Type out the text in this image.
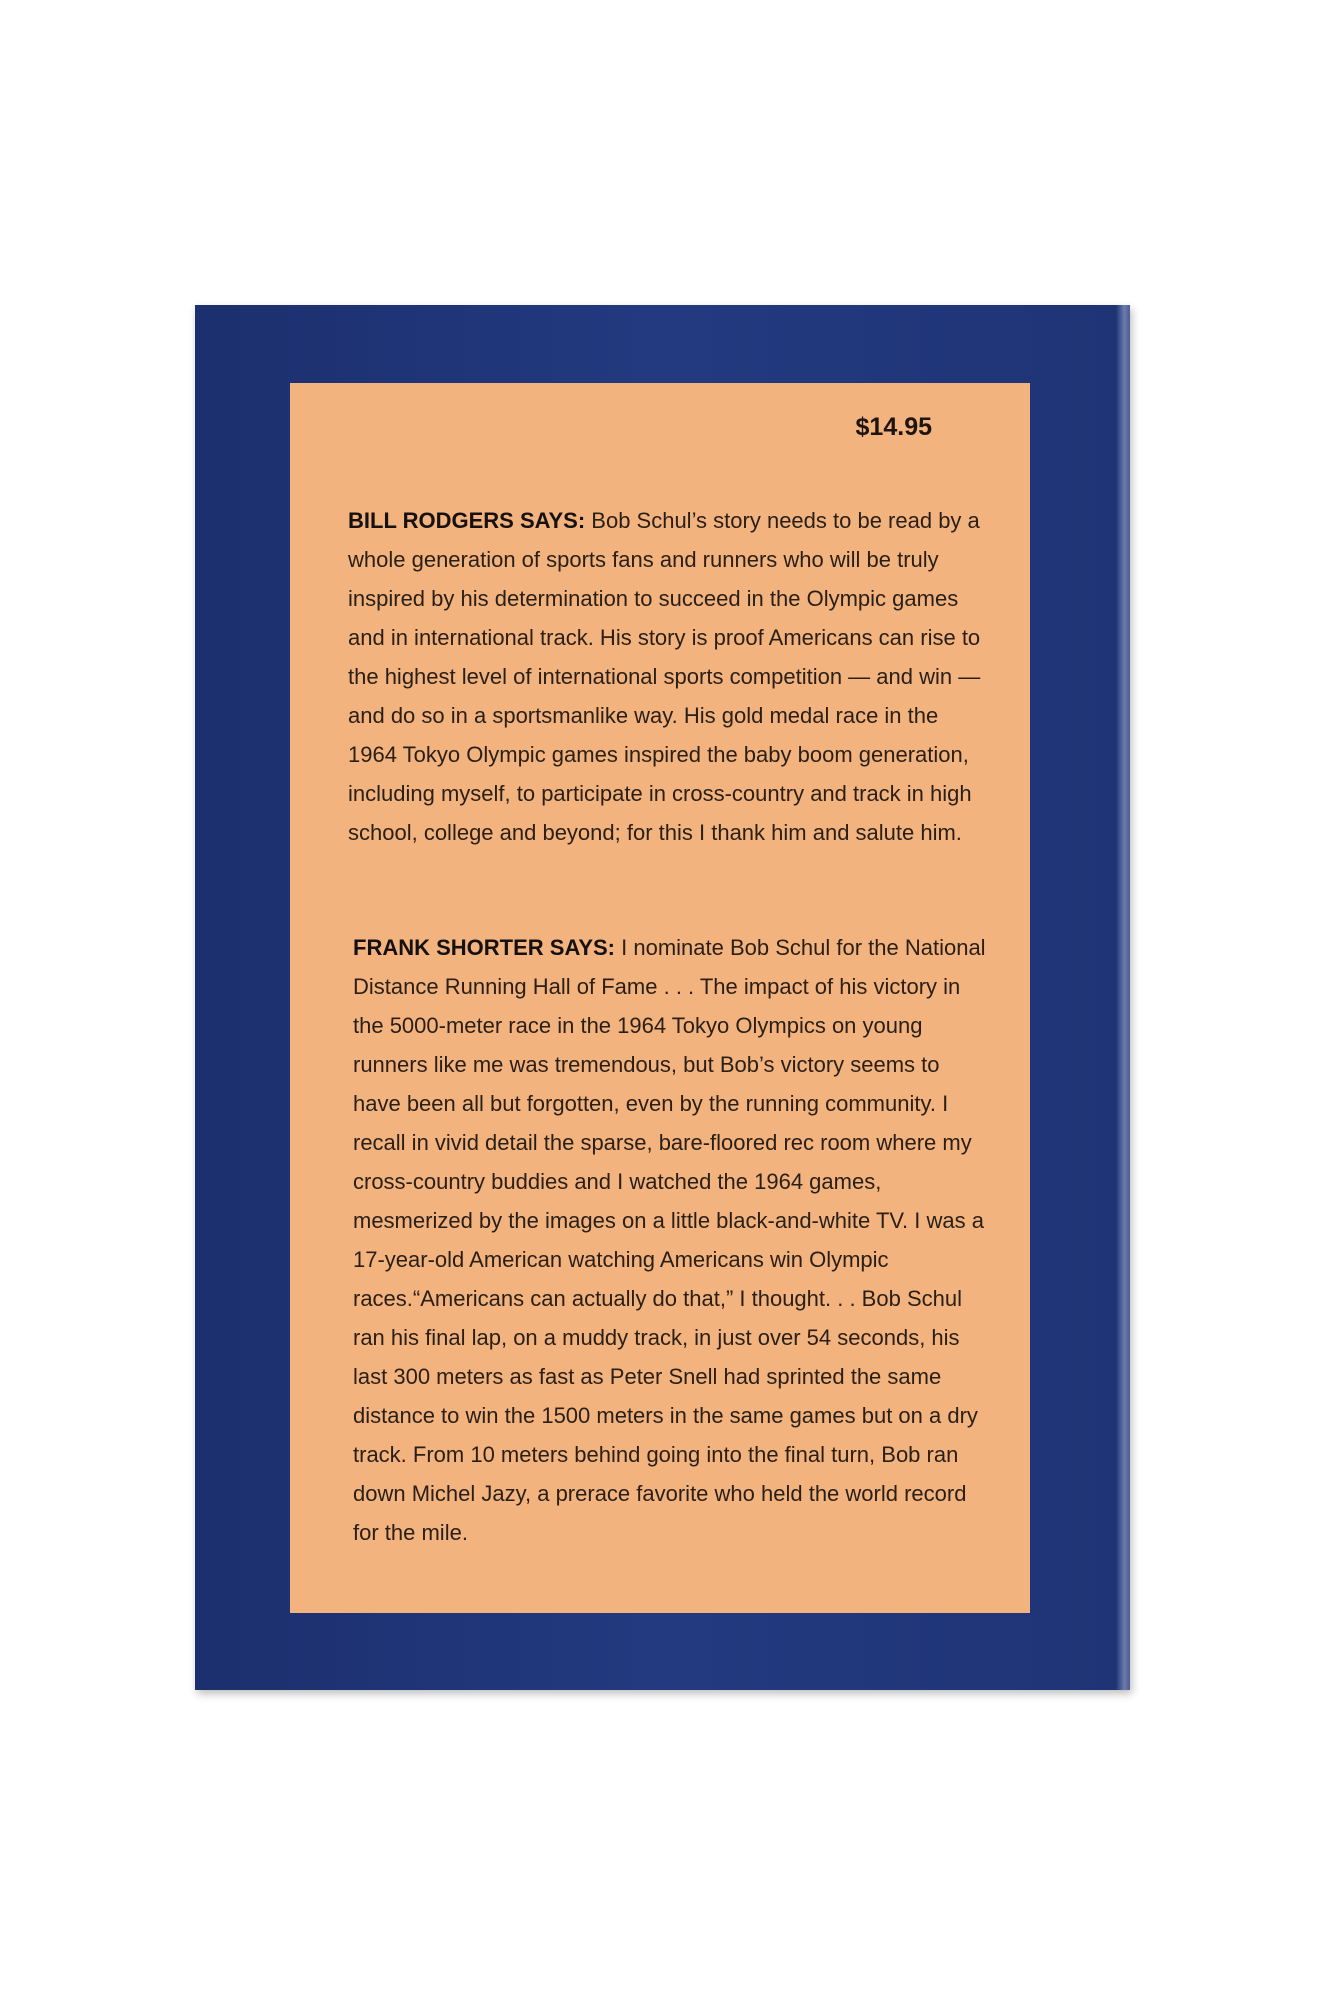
$14.95

BILL RODGERS SAYS: Bob Schul’s story needs to be read by a whole generation of sports fans and runners who will be truly inspired by his determination to succeed in the Olympic games and in international track. His story is proof Americans can rise to the highest level of international sports competition — and win — and do so in a sportsmanlike way. His gold medal race in the 1964 Tokyo Olympic games inspired the baby boom generation, including myself, to participate in cross-country and track in high school, college and beyond; for this I thank him and salute him.

FRANK SHORTER SAYS: I nominate Bob Schul for the National Distance Running Hall of Fame . . . The impact of his victory in the 5000-meter race in the 1964 Tokyo Olympics on young runners like me was tremendous, but Bob’s victory seems to have been all but forgotten, even by the running community. I recall in vivid detail the sparse, bare-floored rec room where my cross-country buddies and I watched the 1964 games, mesmerized by the images on a little black-and-white TV. I was a 17-year-old American watching Americans win Olympic races.“Americans can actually do that,” I thought. . . Bob Schul ran his final lap, on a muddy track, in just over 54 seconds, his last 300 meters as fast as Peter Snell had sprinted the same distance to win the 1500 meters in the same games but on a dry track. From 10 meters behind going into the final turn, Bob ran down Michel Jazy, a prerace favorite who held the world record for the mile.
